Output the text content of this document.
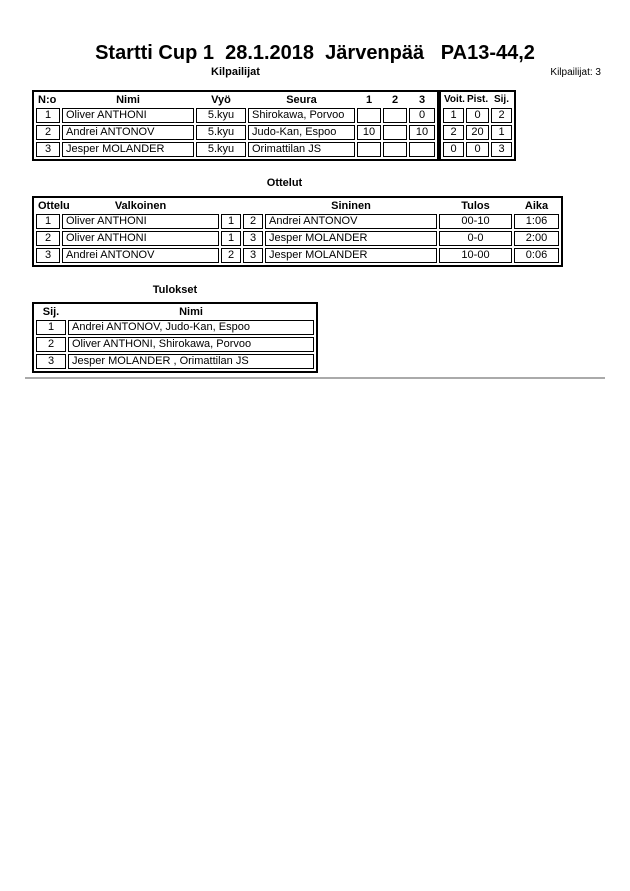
Startti Cup 1  28.1.2018  Järvenpää   PA13-44,2
Kilpailijat	Kilpailijat: 3
N:o	Nimi	Vyö	Seura	1	2	3
1	Oliver ANTHONI	5.kyu	Shirokawa, Porvoo			0
2	Andrei ANTONOV	5.kyu	Judo-Kan, Espoo	10		10
3	Jesper MOLANDER	5.kyu	Orimattilan JS			
Voit.	Pist.	Sij.
1	0	2
2	20	1
0	0	3
Ottelut
Ottelu	Valkoinen			Sininen	Tulos	Aika
1	Oliver ANTHONI	1	2	Andrei ANTONOV	00-10	1:06
2	Oliver ANTHONI	1	3	Jesper MOLANDER	0-0	2:00
3	Andrei ANTONOV	2	3	Jesper MOLANDER	10-00	0:06
Tulokset
Sij.	Nimi
1	Andrei ANTONOV, Judo-Kan, Espoo
2	Oliver ANTHONI, Shirokawa, Porvoo
3	Jesper MOLANDER , Orimattilan JS
